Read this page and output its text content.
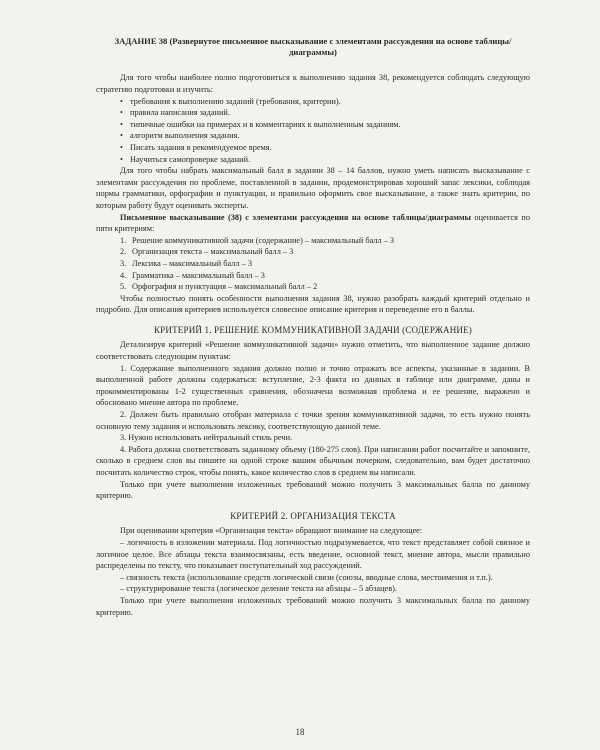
ЗАДАНИЕ 38 (Развернутое письменное высказывание с элементами рассуждения на основе таблицы/диаграммы)

Для того чтобы наиболее полно подготовиться к выполнению задания 38, рекомендуется соблюдать следующую стратегию подготовки и изучить:

• требования к выполнению заданий (требования, критерии).
• правила написания заданий.
• типичные ошибки на примерах и в комментариях к выполненным заданиям.
• алгоритм выполнения задания.
• Писать задания в рекомендуемое время.
• Научиться самопроверке заданий.

Для того чтобы набрать максимальный балл в задании 38 – 14 баллов, нужно уметь написать высказывание с элементами рассуждения по проблеме, поставленной в задании, продемонстрировав хороший запас лексики, соблюдая нормы грамматики, орфографии и пунктуации, и правильно оформить свое высказывание, а также знать критерии, по которым работу будут оценивать эксперты.

Письменное высказывание (38) с элементами рассуждения на основе таблицы/диаграммы оценивается по пяти критериям:

1. Решение коммуникативной задачи (содержание) – максимальный балл – 3
2. Организация текста – максимальный балл – 3
3. Лексика – максимальный балл – 3
4. Грамматика – максимальный балл – 3
5. Орфография и пунктуация – максимальный балл – 2

Чтобы полностью понять особенности выполнения задания 38, нужно разобрать каждый критерий отдельно и подробно. Для описания критериев используется словесное описание критерия и переведение его в баллы.

КРИТЕРИЙ 1. РЕШЕНИЕ КОММУНИКАТИВНОЙ ЗАДАЧИ (СОДЕРЖАНИЕ)

Детализируя критерий «Решение коммуникативной задачи» нужно отметить, что выполненное задание должно соответствовать следующим пунктам:

1. Содержание выполненного задания должно полно и точно отражать все аспекты, указанные в задании. В выполненной работе должны содержаться: вступление, 2-3 факта из данных в таблице или диаграмме, даны и прокомментированы 1-2 существенных сравнения, обозначена возможная проблема и ее решение, выражено и обосновано мнение автора по проблеме.

2. Должен быть правильно отобран материала с точки зрения коммуникативной задачи, то есть нужно понять основную тему задания и использовать лексику, соответствующую данной теме.

3. Нужно использовать нейтральный стиль речи.

4. Работа должна соответствовать заданному объему (180-275 слов). При написании работ посчитайте и запомните, сколько в среднем слов вы пишите на одной строке вашим обычным почерком, следовательно, вам будет достаточно посчитать количество строк, чтобы понять, какое количество слов в среднем вы написали.

Только при учете выполнения изложенных требований можно получить 3 максимальных балла по данному критерию.

КРИТЕРИЙ 2. ОРГАНИЗАЦИЯ ТЕКСТА

При оценивании критерия «Организация текста» обращают внимание на следующее:

– логичность в изложении материала. Под логичностью подразумевается, что текст представляет собой связное и логичное целое. Все абзацы текста взаимосвязаны, есть введение, основной текст, мнение автора, мысли правильно распределены по тексту, что показывает поступательный ход рассуждений.

– связность текста (использование средств логической связи (союзы, вводные слова, местоимения и т.п.).

– структурирование текста (логическое деление текста на абзацы – 5 абзацев).

Только при учете выполнения изложенных требований можно получить 3 максимальных балла по данному критерию.

18
